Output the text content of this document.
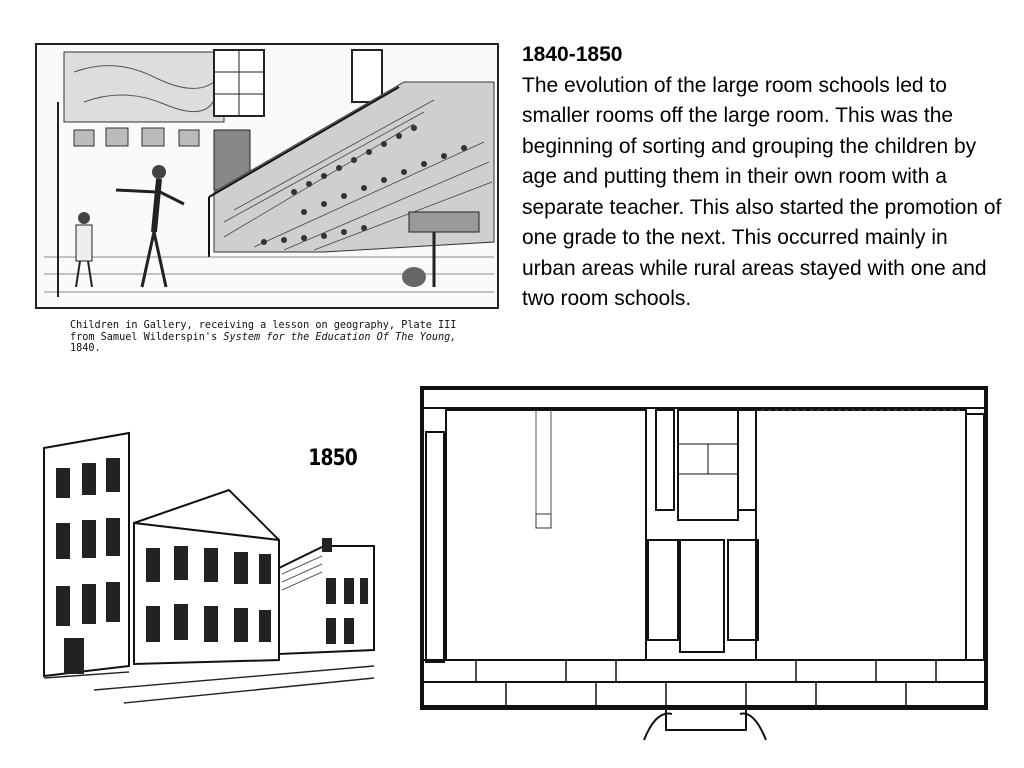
Children in Gallery, receiving a lesson on geography, Plate III
from Samuel Wilderspin's System for the Education Of The Young,
1840.
1840-1850
The evolution of the large room schools led to smaller rooms off the large room. This was the beginning of sorting and grouping the children by age and putting them in their own room with a separate teacher. This also started the promotion of one grade to the next. This occurred mainly in urban areas while rural areas stayed with one and two room schools.
1850
